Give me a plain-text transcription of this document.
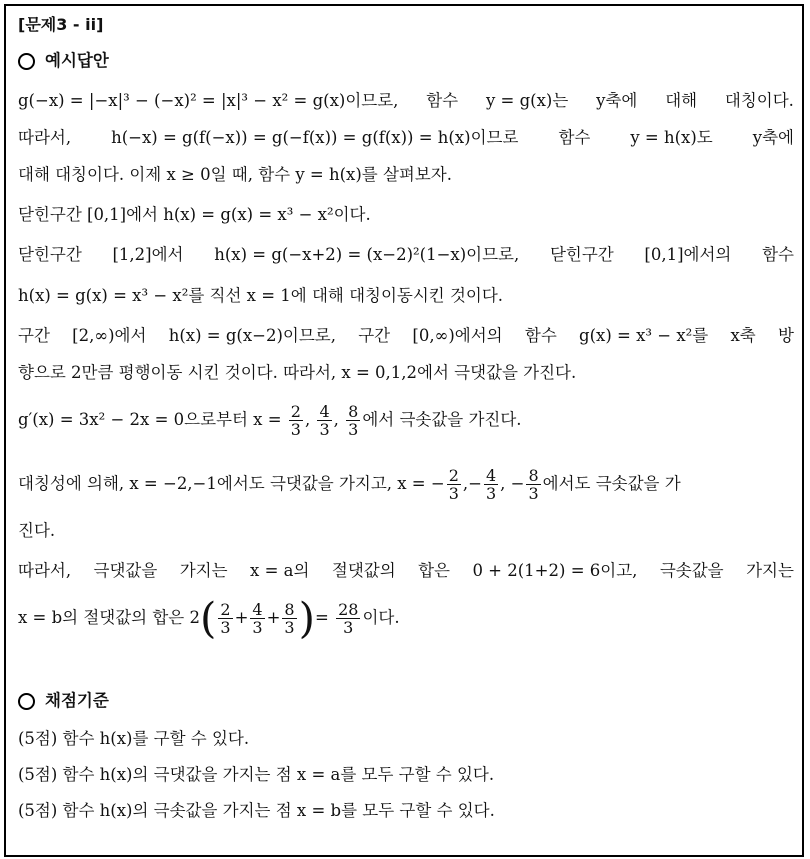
[문제3 - ii]
예시답안
g(−x) = |−x|³ − (−x)² = |x|³ − x² = g(x)이므로, 함수 y = g(x)는 y축에 대해 대칭이다.
따라서, h(−x) = g(f(−x)) = g(−f(x)) = g(f(x)) = h(x)이므로 함수 y = h(x)도 y축에
대해 대칭이다. 이제 x ≥ 0일 때, 함수 y = h(x)를 살펴보자.
닫힌구간 [0,1]에서 h(x) = g(x) = x³ − x²이다.
닫힌구간 [1,2]에서 h(x) = g(−x+2) = (x−2)²(1−x)이므로, 닫힌구간 [0,1]에서의 함수
h(x) = g(x) = x³ − x²를 직선 x = 1에 대해 대칭이동시킨 것이다.
구간 [2,∞)에서 h(x) = g(x−2)이므로, 구간 [0,∞)에서의 함수 g(x) = x³ − x²를 x축 방
향으로 2만큼 평행이동 시킨 것이다. 따라서, x = 0,1,2에서 극댓값을 가진다.
g′(x) = 3x² − 2x = 0으로부터 $x = \frac{2}{3}$ , $\frac{4}{3}$ , $\frac{8}{3}$ 에서 극솟값을 가진다.
대칭성에 의해, x = −2,−1에서도 극댓값을 가지고, x = − $\frac{2}{3}$ ,− $\frac{4}{3}$ , − $\frac{8}{3}$ 에서도 극솟값을 가
진다.
따라서, 극댓값을 가지는 x = a의 절댓값의 합은 0 + 2(1+2) = 6이고, 극솟값을 가지는
x = b의 절댓값의 합은 $2( \frac{2}{3} + \frac{4}{3} + \frac{8}{3}$ )= $\frac{28}{3}$ 이다.
채점기준
(5점) 함수 h(x)를 구할 수 있다.
(5점) 함수 h(x)의 극댓값을 가지는 점 x = a를 모두 구할 수 있다.
(5점) 함수 h(x)의 극솟값을 가지는 점 x = b를 모두 구할 수 있다.
